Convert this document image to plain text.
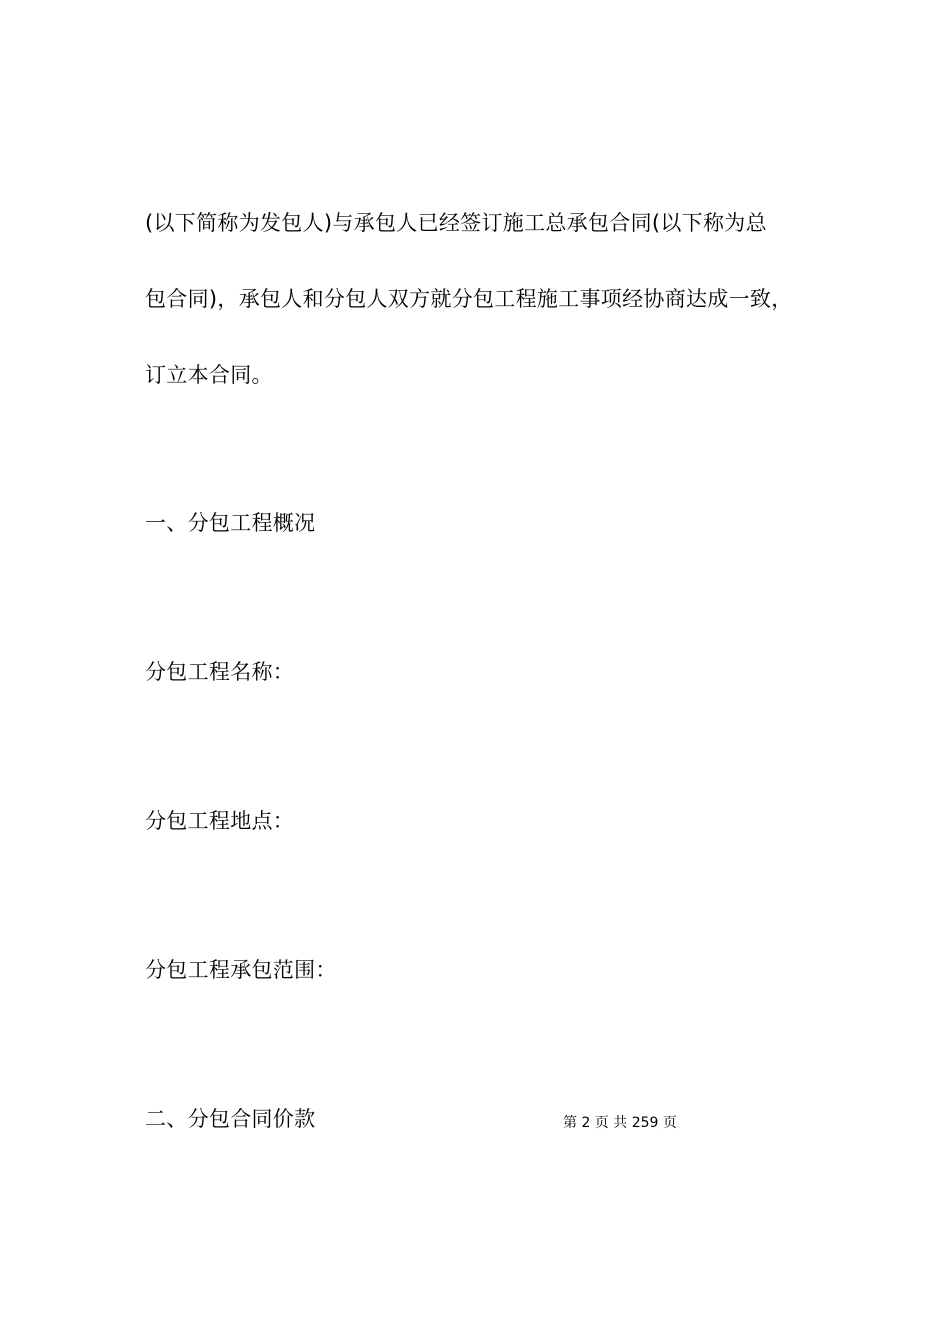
(以下简称为发包人)与承包人已经签订施工总承包合同(以下称为总
包合同)，承包人和分包人双方就分包工程施工事项经协商达成一致，
订立本合同。
一、分包工程概况
分包工程名称：
分包工程地点：
分包工程承包范围：
二、分包合同价款	第 2 页 共 259 页
